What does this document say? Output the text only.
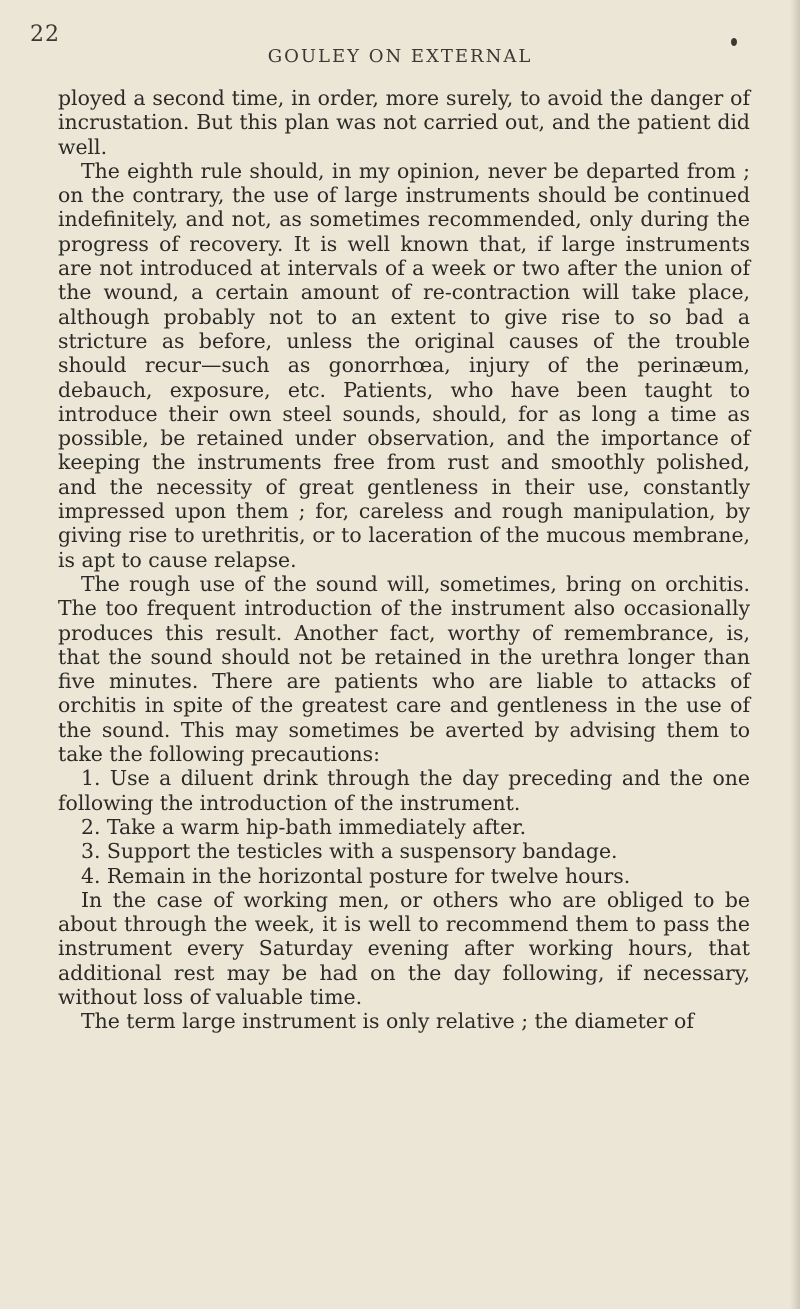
22
GOULEY ON EXTERNAL

ployed a second time, in order, more surely, to avoid the danger of incrustation. But this plan was not carried out, and the patient did well.

The eighth rule should, in my opinion, never be departed from ; on the contrary, the use of large instruments should be continued indefinitely, and not, as sometimes recommended, only during the progress of recovery. It is well known that, if large instruments are not introduced at intervals of a week or two after the union of the wound, a certain amount of re-contraction will take place, although probably not to an extent to give rise to so bad a stricture as before, unless the original causes of the trouble should recur—such as gonorrhœa, injury of the perinæum, debauch, exposure, etc. Patients, who have been taught to introduce their own steel sounds, should, for as long a time as possible, be retained under observation, and the importance of keeping the instruments free from rust and smoothly polished, and the necessity of great gentleness in their use, constantly impressed upon them ; for, careless and rough manipulation, by giving rise to urethritis, or to laceration of the mucous membrane, is apt to cause relapse.

The rough use of the sound will, sometimes, bring on orchitis. The too frequent introduction of the instrument also occasionally produces this result. Another fact, worthy of remembrance, is, that the sound should not be retained in the urethra longer than five minutes. There are patients who are liable to attacks of orchitis in spite of the greatest care and gentleness in the use of the sound. This may sometimes be averted by advising them to take the following precautions:

1. Use a diluent drink through the day preceding and the one following the introduction of the instrument.

2. Take a warm hip-bath immediately after.

3. Support the testicles with a suspensory bandage.

4. Remain in the horizontal posture for twelve hours.

In the case of working men, or others who are obliged to be about through the week, it is well to recommend them to pass the instrument every Saturday evening after working hours, that additional rest may be had on the day following, if necessary, without loss of valuable time.

The term large instrument is only relative ; the diameter of
